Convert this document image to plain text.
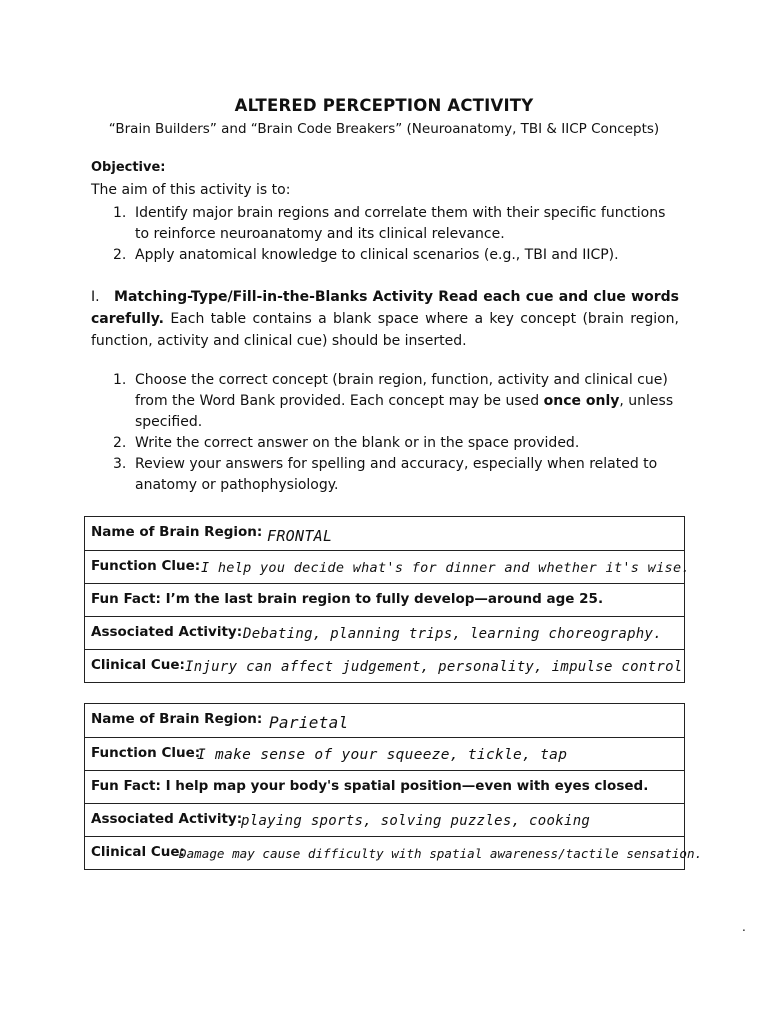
ALTERED PERCEPTION ACTIVITY
“Brain Builders” and “Brain Code Breakers” (Neuroanatomy, TBI & IICP Concepts)
Objective:
The aim of this activity is to:
1. Identify major brain regions and correlate them with their specific functions to reinforce neuroanatomy and its clinical relevance.
2. Apply anatomical knowledge to clinical scenarios (e.g., TBI and IICP).
I. Matching-Type/Fill-in-the-Blanks Activity Read each cue and clue words carefully. Each table contains a blank space where a key concept (brain region, function, activity and clinical cue) should be inserted.
1. Choose the correct concept (brain region, function, activity and clinical cue) from the Word Bank provided. Each concept may be used once only, unless specified.
2. Write the correct answer on the blank or in the space provided.
3. Review your answers for spelling and accuracy, especially when related to anatomy or pathophysiology.
Name of Brain Region: FRONTAL
Function Clue: I help you decide what's for dinner and whether it's wise.
Fun Fact: I’m the last brain region to fully develop—around age 25.
Associated Activity: Debating, planning trips, learning choreography.
Clinical Cue: Injury can affect judgement, personality, impulse control
Name of Brain Region: Parietal
Function Clue:
I make sense of your squeeze, tickle, tap
Fun Fact: I help map your body's spatial position—even with eyes closed.
Associated Activity:
playing sports, solving puzzles, cooking
Clinical Cue:
Damage may cause difficulty with spatial awareness/tactile sensation.
.
